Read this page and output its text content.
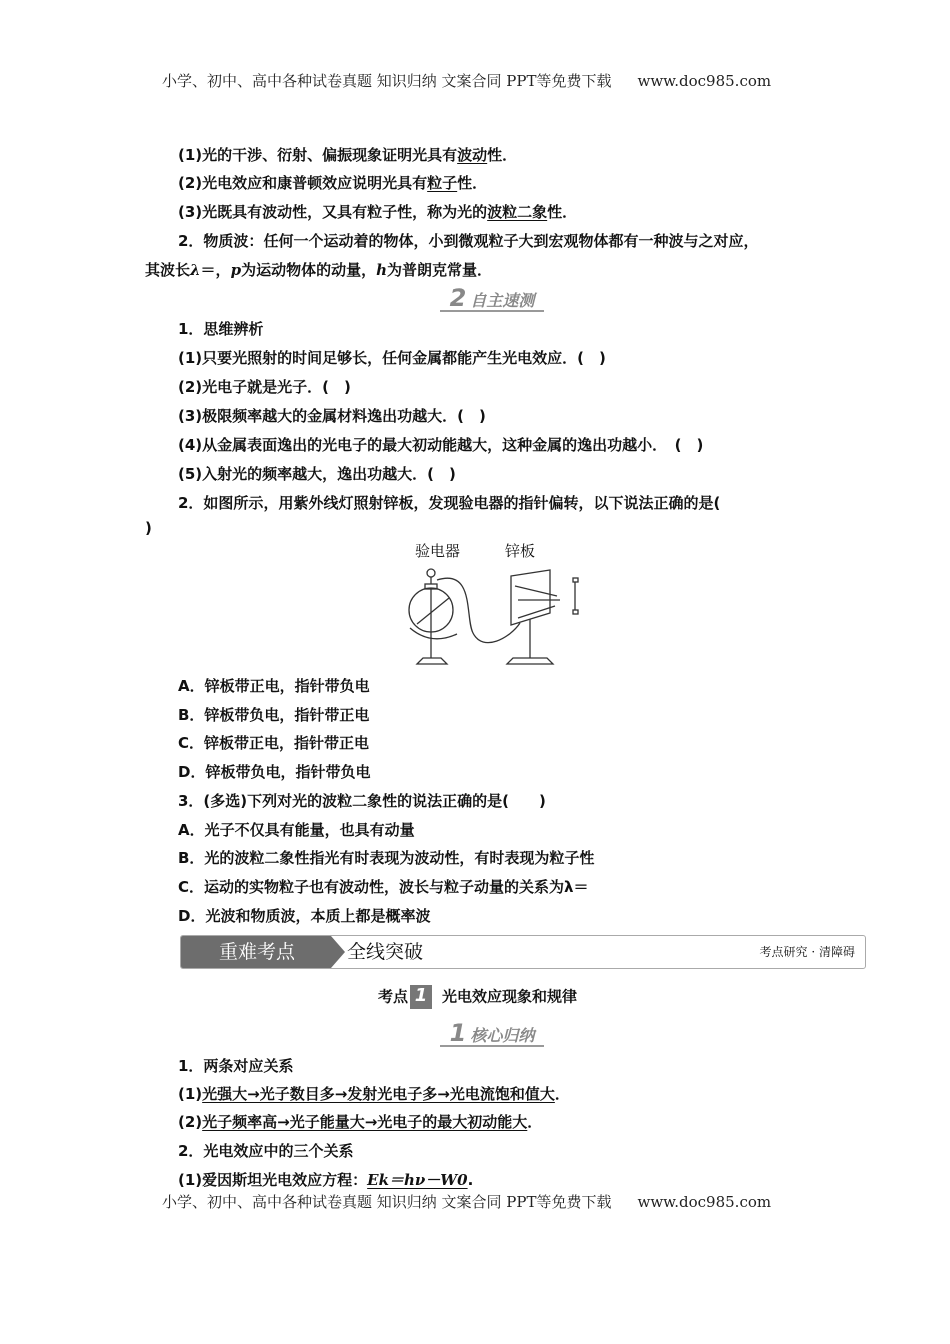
小学、初中、高中各种试卷真题 知识归纳 文案合同 PPT等免费下载 www.doc985.com
(1)光的干涉、衍射、偏振现象证明光具有波动性．
(2)光电效应和康普顿效应说明光具有粒子性．
(3)光既具有波动性，又具有粒子性，称为光的波粒二象性．
2．物质波：任何一个运动着的物体，小到微观粒子大到宏观物体都有一种波与之对应，
其波长λ＝，p为运动物体的动量，h为普朗克常量．
2 自主速测
1．思维辨析
(1)只要光照射的时间足够长，任何金属都能产生光电效应．(　)
(2)光电子就是光子．(　)
(3)极限频率越大的金属材料逸出功越大．(　)
(4)从金属表面逸出的光电子的最大初动能越大，这种金属的逸出功越小．　(　)
(5)入射光的频率越大，逸出功越大．(　)
2．如图所示，用紫外线灯照射锌板，发现验电器的指针偏转，以下说法正确的是(
)
验电器	锌板
A．锌板带正电，指针带负电
B．锌板带负电，指针带正电
C．锌板带正电，指针带正电
D．锌板带负电，指针带负电
3．(多选)下列对光的波粒二象性的说法正确的是(　　)
A．光子不仅具有能量，也具有动量
B．光的波粒二象性指光有时表现为波动性，有时表现为粒子性
C．运动的实物粒子也有波动性，波长与粒子动量的关系为λ＝
D．光波和物质波，本质上都是概率波
重难考点	全线突破	考点研究 · 清障碍
考点 1 光电效应现象和规律
1 核心归纳
1．两条对应关系
(1)光强大→光子数目多→发射光电子多→光电流饱和值大．
(2)光子频率高→光子能量大→光电子的最大初动能大．
2．光电效应中的三个关系
(1)爱因斯坦光电效应方程：Ek＝hν－W0.
小学、初中、高中各种试卷真题 知识归纳 文案合同 PPT等免费下载 www.doc985.com
